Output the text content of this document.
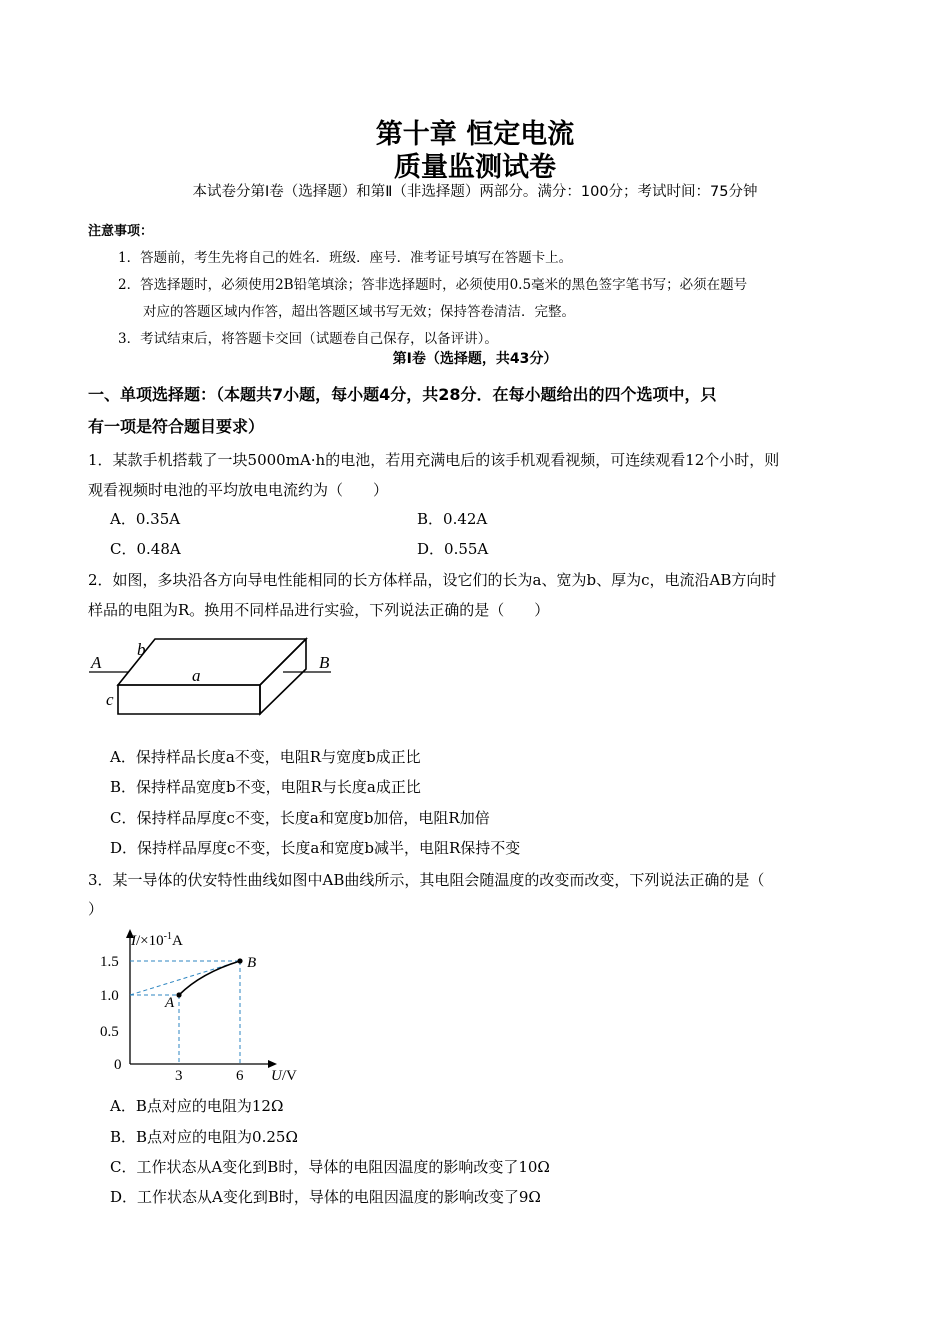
第十章 恒定电流
质量监测试卷
本试卷分第Ⅰ卷（选择题）和第Ⅱ（非选择题）两部分。满分：100分；考试时间：75分钟
注意事项：
1．答题前，考生先将自己的姓名．班级．座号．准考证号填写在答题卡上。
2．答选择题时，必须使用2B铅笔填涂；答非选择题时，必须使用0.5毫米的黑色签字笔书写；必须在题号
对应的答题区域内作答，超出答题区域书写无效；保持答卷清洁．完整。
3．考试结束后，将答题卡交回（试题卷自己保存，以备评讲）。
第Ⅰ卷（选择题，共43分）
一、单项选择题：（本题共7小题，每小题4分，共28分．在每小题给出的四个选项中，只
有一项是符合题目要求）
1．某款手机搭载了一块5000mA·h的电池，若用充满电后的该手机观看视频，可连续观看12个小时，则
观看视频时电池的平均放电电流约为（　　）
A．0.35A	B．0.42A
C．0.48A	D．0.55A
2．如图，多块沿各方向导电性能相同的长方体样品，设它们的长为a、宽为b、厚为c，电流沿AB方向时
样品的电阻为R。换用不同样品进行实验，下列说法正确的是（　　）
A	B
a
b
c
A．保持样品长度a不变，电阻R与宽度b成正比
B．保持样品宽度b不变，电阻R与长度a成正比
C．保持样品厚度c不变，长度a和宽度b加倍，电阻R加倍
D．保持样品厚度c不变，长度a和宽度b减半，电阻R保持不变
3．某一导体的伏安特性曲线如图中AB曲线所示，其电阻会随温度的改变而改变，下列说法正确的是（
）
$I/\times 10^{-1}A$
U/V
1.5
1.0
0.5
0
3	6
A
B
A．B点对应的电阻为12Ω
B．B点对应的电阻为0.25Ω
C．工作状态从A变化到B时，导体的电阻因温度的影响改变了10Ω
D．工作状态从A变化到B时，导体的电阻因温度的影响改变了9Ω
